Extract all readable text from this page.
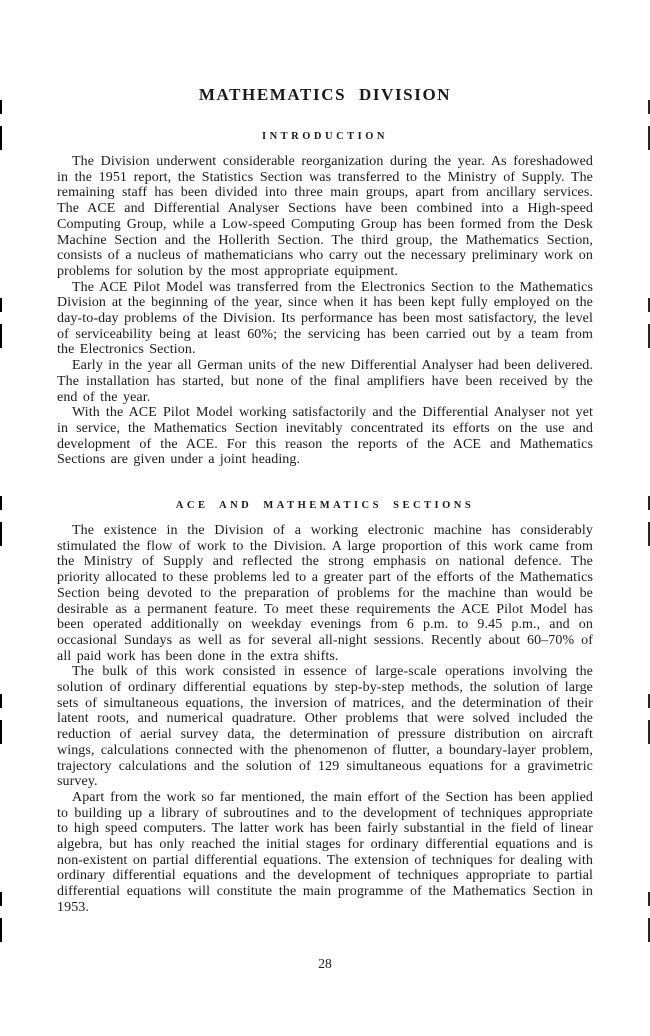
MATHEMATICS DIVISION
INTRODUCTION

The Division underwent considerable reorganization during the year. As foreshadowed in the 1951 report, the Statistics Section was transferred to the Ministry of Supply. The remaining staff has been divided into three main groups, apart from ancillary services. The ACE and Differential Analyser Sections have been combined into a High-speed Computing Group, while a Low-speed Computing Group has been formed from the Desk Machine Section and the Hollerith Section. The third group, the Mathematics Section, consists of a nucleus of mathematicians who carry out the necessary preliminary work on problems for solution by the most appropriate equipment.

The ACE Pilot Model was transferred from the Electronics Section to the Mathematics Division at the beginning of the year, since when it has been kept fully employed on the day-to-day problems of the Division. Its performance has been most satisfactory, the level of serviceability being at least 60%; the servicing has been carried out by a team from the Electronics Section.

Early in the year all German units of the new Differential Analyser had been delivered. The installation has started, but none of the final amplifiers have been received by the end of the year.

With the ACE Pilot Model working satisfactorily and the Differential Analyser not yet in service, the Mathematics Section inevitably concentrated its efforts on the use and development of the ACE. For this reason the reports of the ACE and Mathematics Sections are given under a joint heading.

ACE AND MATHEMATICS SECTIONS

The existence in the Division of a working electronic machine has considerably stimulated the flow of work to the Division. A large proportion of this work came from the Ministry of Supply and reflected the strong emphasis on national defence. The priority allocated to these problems led to a greater part of the efforts of the Mathematics Section being devoted to the preparation of problems for the machine than would be desirable as a permanent feature. To meet these requirements the ACE Pilot Model has been operated additionally on weekday evenings from 6 p.m. to 9.45 p.m., and on occasional Sundays as well as for several all-night sessions. Recently about 60–70% of all paid work has been done in the extra shifts.

The bulk of this work consisted in essence of large-scale operations involving the solution of ordinary differential equations by step-by-step methods, the solution of large sets of simultaneous equations, the inversion of matrices, and the determination of their latent roots, and numerical quadrature. Other problems that were solved included the reduction of aerial survey data, the determination of pressure distribution on aircraft wings, calculations connected with the phenomenon of flutter, a boundary-layer problem, trajectory calculations and the solution of 129 simultaneous equations for a gravimetric survey.

Apart from the work so far mentioned, the main effort of the Section has been applied to building up a library of subroutines and to the development of techniques appropriate to high speed computers. The latter work has been fairly substantial in the field of linear algebra, but has only reached the initial stages for ordinary differential equations and is non-existent on partial differential equations. The extension of techniques for dealing with ordinary differential equations and the development of techniques appropriate to partial differential equations will constitute the main programme of the Mathematics Section in 1953.

28
